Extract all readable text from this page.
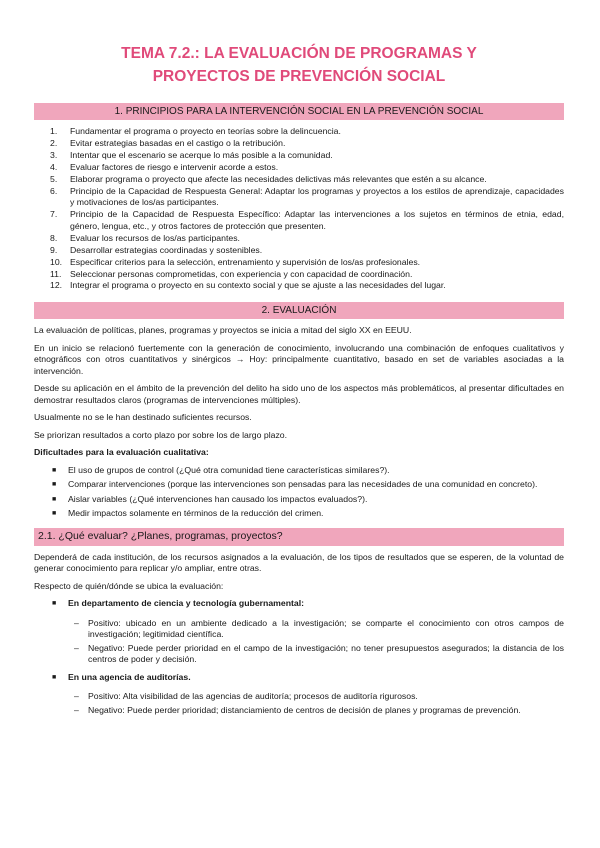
TEMA 7.2.: LA EVALUACIÓN DE PROGRAMAS Y PROYECTOS DE PREVENCIÓN SOCIAL
1. PRINCIPIOS PARA LA INTERVENCIÓN SOCIAL EN LA PREVENCIÓN SOCIAL
1.	Fundamentar el programa o proyecto en teorías sobre la delincuencia.
2.	Evitar estrategias basadas en el castigo o la retribución.
3.	Intentar que el escenario se acerque lo más posible a la comunidad.
4.	Evaluar factores de riesgo e intervenir acorde a estos.
5.	Elaborar programa o proyecto que afecte las necesidades delictivas más relevantes que estén a su alcance.
6.	Principio de la Capacidad de Respuesta General: Adaptar los programas y proyectos a los estilos de aprendizaje, capacidades y motivaciones de los/as participantes.
7.	Principio de la Capacidad de Respuesta Específico: Adaptar las intervenciones a los sujetos en términos de etnia, edad, género, lengua, etc., y otros factores de protección que presenten.
8.	Evaluar los recursos de los/as participantes.
9.	Desarrollar estrategias coordinadas y sostenibles.
10. Especificar criterios para la selección, entrenamiento y supervisión de los/as profesionales.
11. Seleccionar personas comprometidas, con experiencia y con capacidad de coordinación.
12. Integrar el programa o proyecto en su contexto social y que se ajuste a las necesidades del lugar.
2. EVALUACIÓN

La evaluación de políticas, planes, programas y proyectos se inicia a mitad del siglo XX en EEUU.

En un inicio se relacionó fuertemente con la generación de conocimiento, involucrando una combinación de enfoques cualitativos y etnográficos con otros cuantitativos y sinérgicos → Hoy: principalmente cuantitativo, basado en set de variables asociadas a la intervención.

Desde su aplicación en el ámbito de la prevención del delito ha sido uno de los aspectos más problemáticos, al presentar dificultades en demostrar resultados claros (programas de intervenciones múltiples).

Usualmente no se le han destinado suficientes recursos.

Se priorizan resultados a corto plazo por sobre los de largo plazo.

Dificultades para la evaluación cualitativa:

■	El uso de grupos de control (¿Qué otra comunidad tiene características similares?).
■	Comparar intervenciones (porque las intervenciones son pensadas para las necesidades de una comunidad en concreto).
■	Aislar variables (¿Qué intervenciones han causado los impactos evaluados?).
■	Medir impactos solamente en términos de la reducción del crimen.
2.1. ¿Qué evaluar? ¿Planes, programas, proyectos?

Dependerá de cada institución, de los recursos asignados a la evaluación, de los tipos de resultados que se esperen, de la voluntad de generar conocimiento para replicar y/o ampliar, entre otras.

Respecto de quién/dónde se ubica la evaluación:

■	En departamento de ciencia y tecnología gubernamental:
–	Positivo: ubicado en un ambiente dedicado a la investigación; se comparte el conocimiento con otros campos de investigación; legitimidad científica.
–	Negativo: Puede perder prioridad en el campo de la investigación; no tener presupuestos asegurados; la distancia de los centros de poder y decisión.
■	En una agencia de auditorías.
–	Positivo: Alta visibilidad de las agencias de auditoría; procesos de auditoría rigurosos.
–	Negativo: Puede perder prioridad; distanciamiento de centros de decisión de planes y programas de prevención.
